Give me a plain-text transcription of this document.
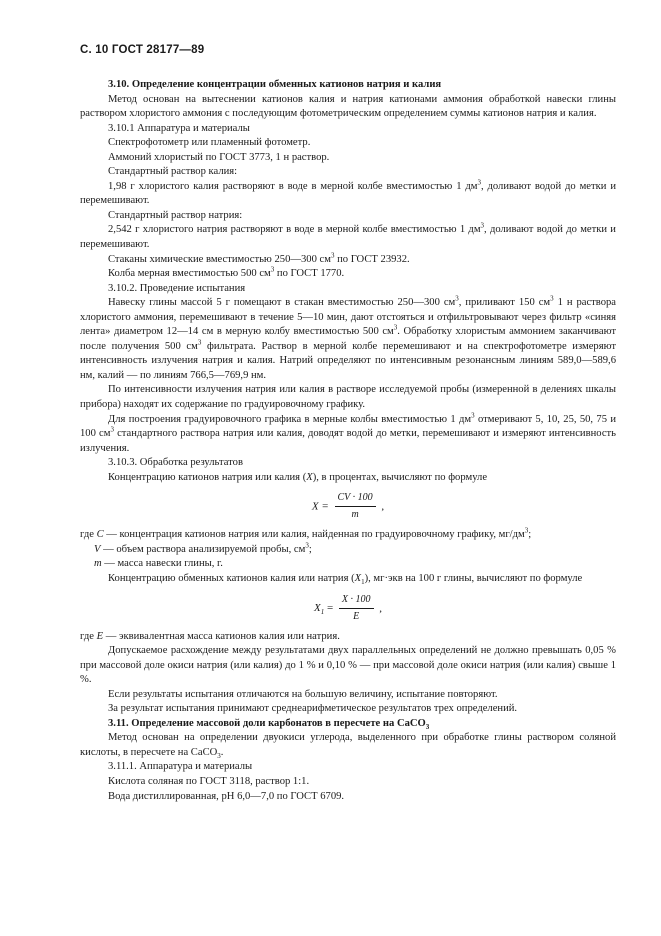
С. 10 ГОСТ 28177—89

3.10. Определение концентрации обменных катионов натрия и калия

Метод основан на вытеснении катионов калия и натрия катионами аммония обработкой навески глины раствором хлористого аммония с последующим фотометрическим определением суммы катионов натрия и калия.

3.10.1 Аппаратура и материалы

Спектрофотометр или пламенный фотометр.

Аммоний хлористый по ГОСТ 3773, 1 н раствор.

Стандартный раствор калия:

1,98 г хлористого калия растворяют в воде в мерной колбе вместимостью 1 $дм^3$, доливают водой до метки и перемешивают.

Стандартный раствор натрия:

2,542 г хлористого натрия растворяют в воде в мерной колбе вместимостью 1 $дм^3$, доливают водой до метки и перемешивают.

Стаканы химические вместимостью 250—300 $см^3$ по ГОСТ 23932.

Колба мерная вместимостью 500 $см^3$ по ГОСТ 1770.

3.10.2. Проведение испытания

Навеску глины массой 5 г помещают в стакан вместимостью 250—300 $см^3$, приливают 150 $см^3$ 1 н раствора хлористого аммония, перемешивают в течение 5—10 мин, дают отстояться и отфильтровывают через фильтр «синяя лента» диаметром 12—14 см в мерную колбу вместимостью 500 $см^3$. Обработку хлористым аммонием заканчивают после получения 500 $см^3$ фильтрата. Раствор в мерной колбе перемешивают и на спектрофотометре измеряют интенсивность излучения натрия и калия. Натрий определяют по интенсивным резонансным линиям 589,0—589,6 нм, калий — по линиям 766,5—769,9 нм.

По интенсивности излучения натрия или калия в растворе исследуемой пробы (измеренной в делениях шкалы прибора) находят их содержание по градуировочному графику.

Для построения градуировочного графика в мерные колбы вместимостью 1 $дм^3$ отмеривают 5, 10, 25, 50, 75 и 100 $см^3$ стандартного раствора натрия или калия, доводят водой до метки, перемешивают и измеряют интенсивность излучения.

3.10.3. Обработка результатов

Концентрацию катионов натрия или калия (X), в процентах, вычисляют по формуле

$X = \frac{CV \cdot 100}{m}$ ,

где C — концентрация катионов натрия или калия, найденная по градуировочному графику, $мг/дм^3$;

V — объем раствора анализируемой пробы, $см^3$;

m — масса навески глины, г.

Концентрацию обменных катионов калия или натрия $(X_1)$, мг·экв на 100 г глины, вычисляют по формуле

$X_1 = \frac{X \cdot 100}{E}$ ,

где E — эквивалентная масса катионов калия или натрия.

Допускаемое расхождение между результатами двух параллельных определений не должно превышать 0,05 % при массовой доле окиси натрия (или калия) до 1 % и 0,10 % — при массовой доле окиси натрия (или калия) свыше 1 %.

Если результаты испытания отличаются на большую величину, испытание повторяют.

За результат испытания принимают среднеарифметическое результатов трех определений.

3.11. Определение массовой доли карбонатов в пересчете на CaCO$_3$

Метод основан на определении двуокиси углерода, выделенного при обработке глины раствором соляной кислоты, в пересчете на CaCO$_3$.

3.11.1. Аппаратура и материалы

Кислота соляная по ГОСТ 3118, раствор 1:1.

Вода дистиллированная, pH 6,0—7,0 по ГОСТ 6709.
